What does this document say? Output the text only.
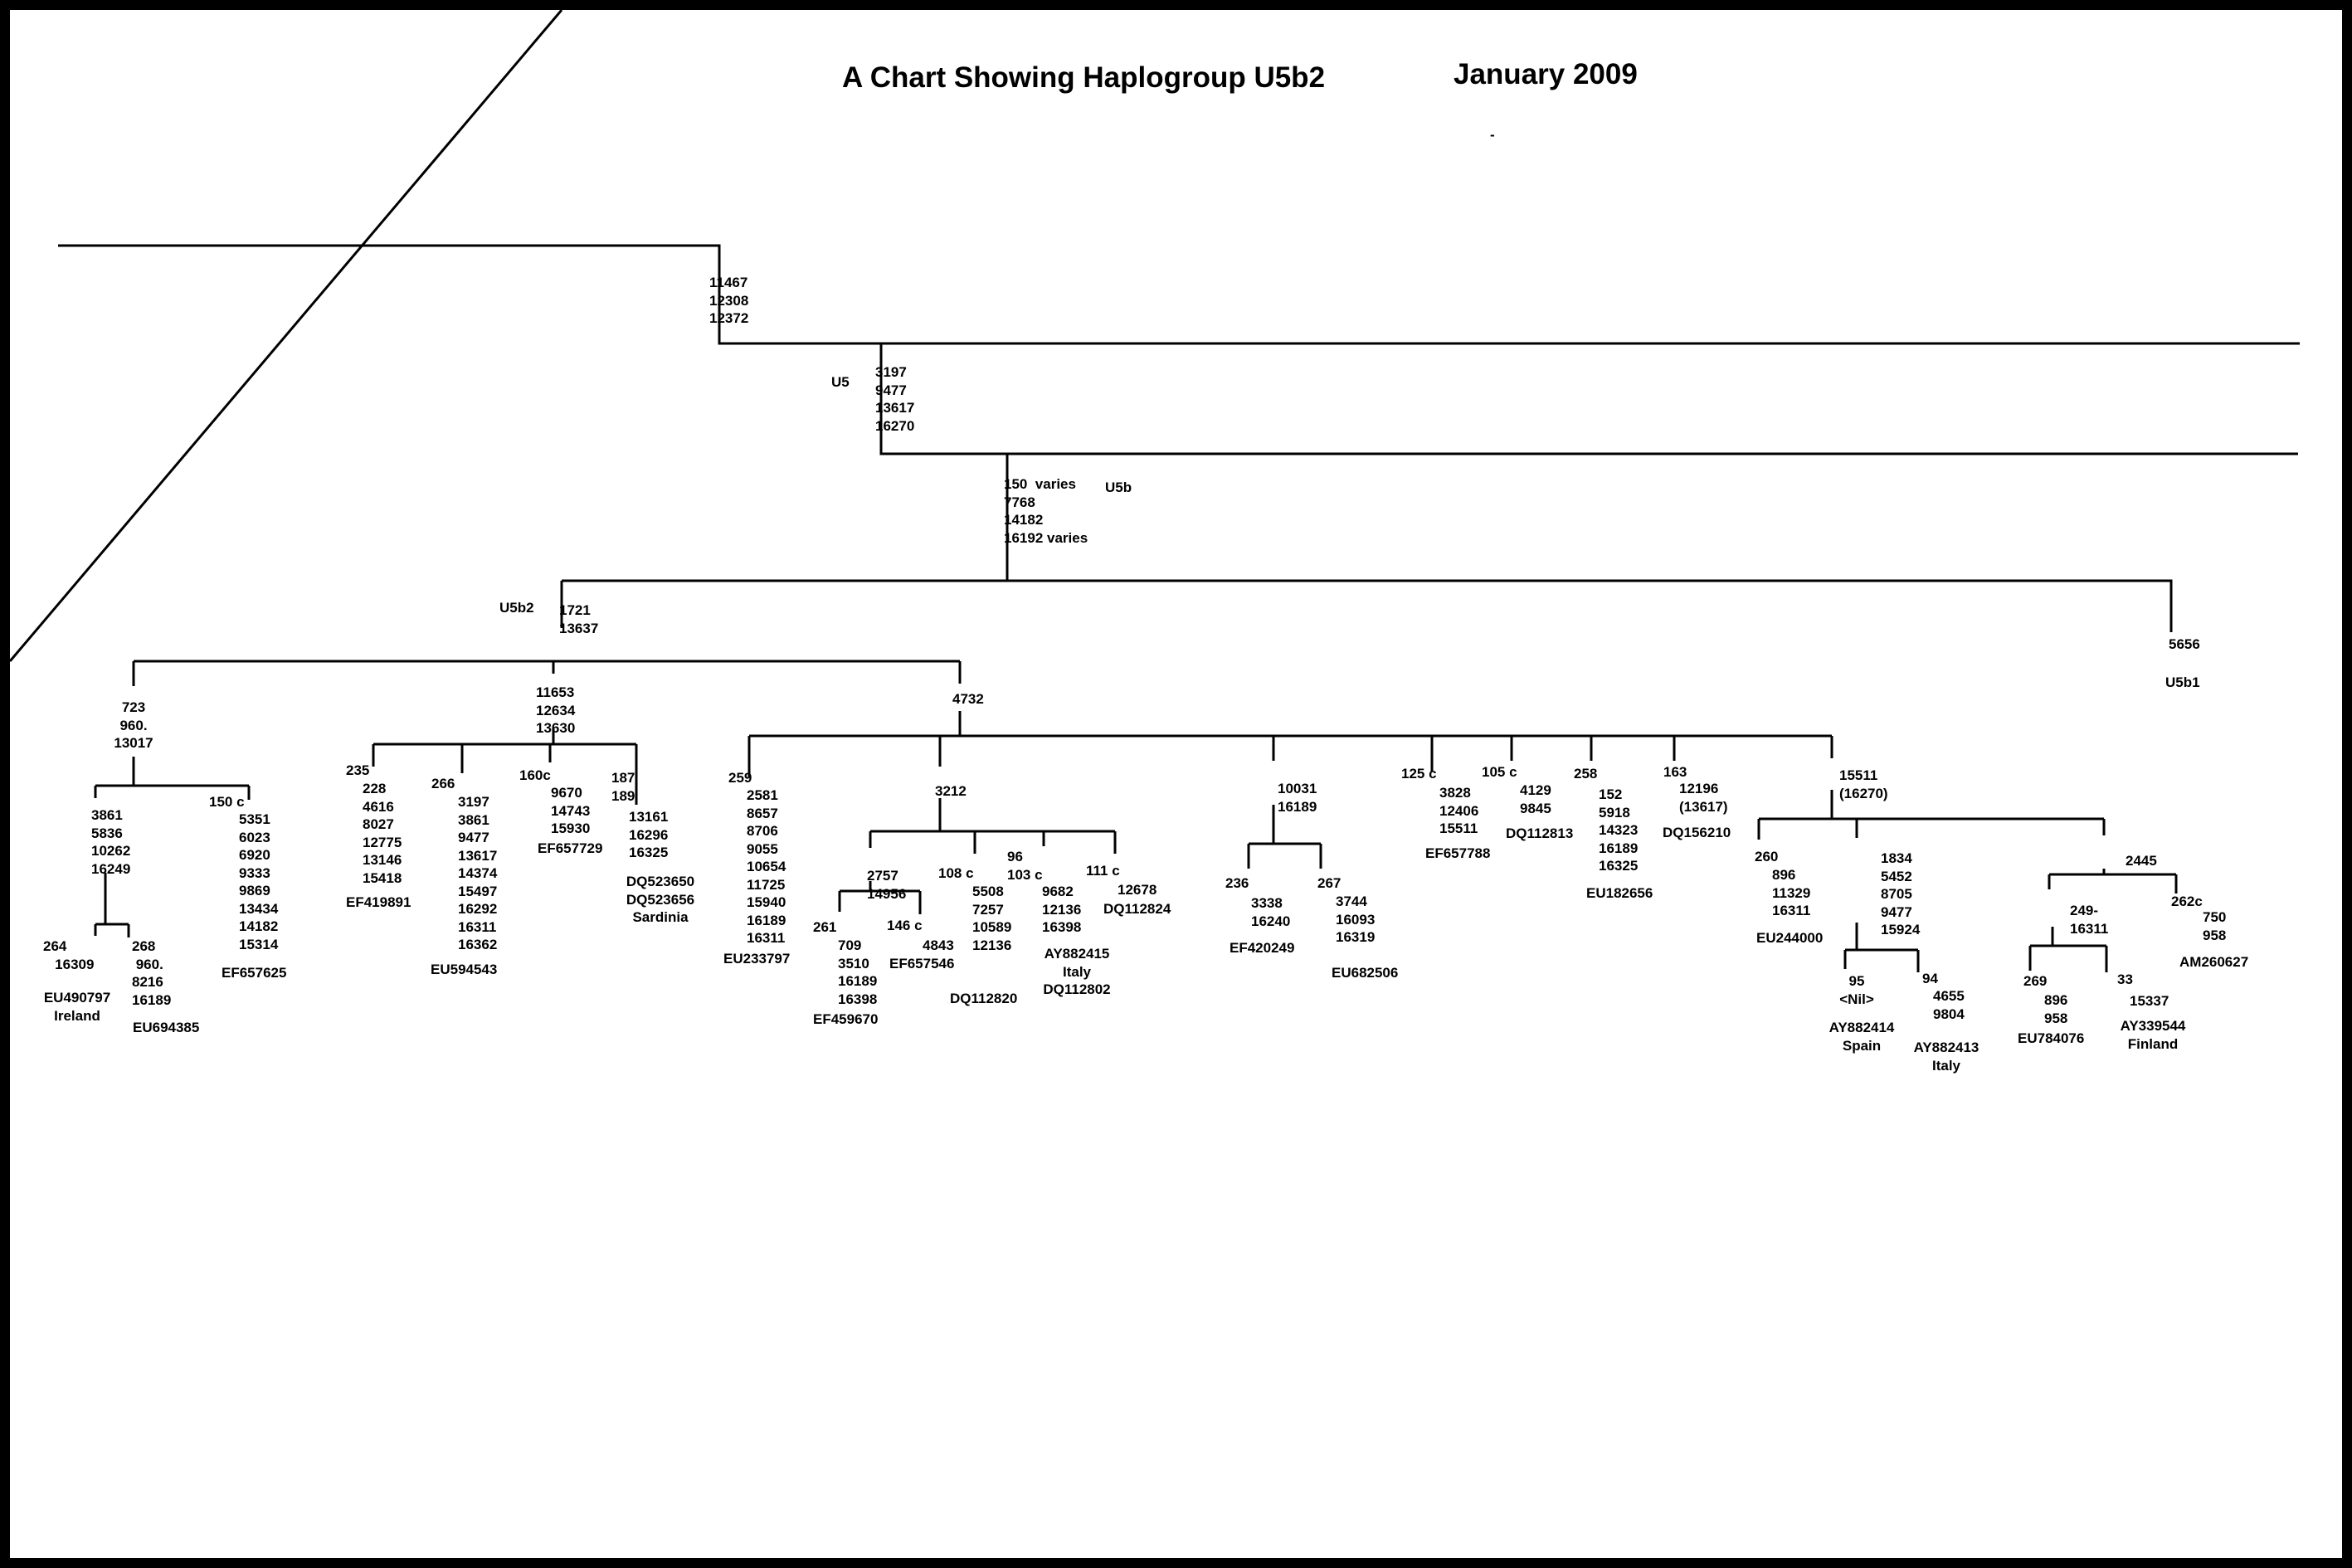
A Chart Showing Haplogroup U5b2	January 2009
-
11467
12308
12372
U5
3197
9477
13617
16270
150  varies
7768
14182
16192 varies
U5b
U5b2 1721
13637
5656
U5b1
723
960.
13017
3861
5836
10262
16249
264
16309
268
960.
8216
16189
EU490797
Ireland
EU694385
150 c
5351
6023
6920
9333
9869
13434
14182
15314
EF657625
11653
12634
13630
235
228
4616
8027
12775
13146
15418
EF419891
266
3197
3861
9477
13617
14374
15497
16292
16311
16362
EU594543
160c
9670
14743
15930
EF657729
187
189
13161
16296
16325
DQ523650
DQ523656
Sardinia
4732
259
2581
8657
8706
9055
10654
11725
15940
16189
16311
EU233797
3212
2757
14956
261
709
3510
16189
16398
EF459670
146 c
4843
EF657546
108 c
5508
7257
10589
12136
DQ112820
96
103 c
9682
12136
16398
AY882415
Italy
DQ112802
111 c
12678
DQ112824
10031
16189
236
3338
16240
EF420249
267
3744
16093
16319
EU682506
125 c
3828
12406
15511
EF657788
105 c
4129
9845
DQ112813
258
152
5918
14323
16189
16325
EU182656
163
12196
(13617)
DQ156210
15511
(16270)
260
896
11329
16311
EU244000
1834
5452
8705
9477
15924
95
<Nil>
AY882414
Spain
94
4655
9804
AY882413
Italy
2445
249-
16311
269
896
958
EU784076
33
15337
AY339544
Finland
262c
750
958
AM260627
